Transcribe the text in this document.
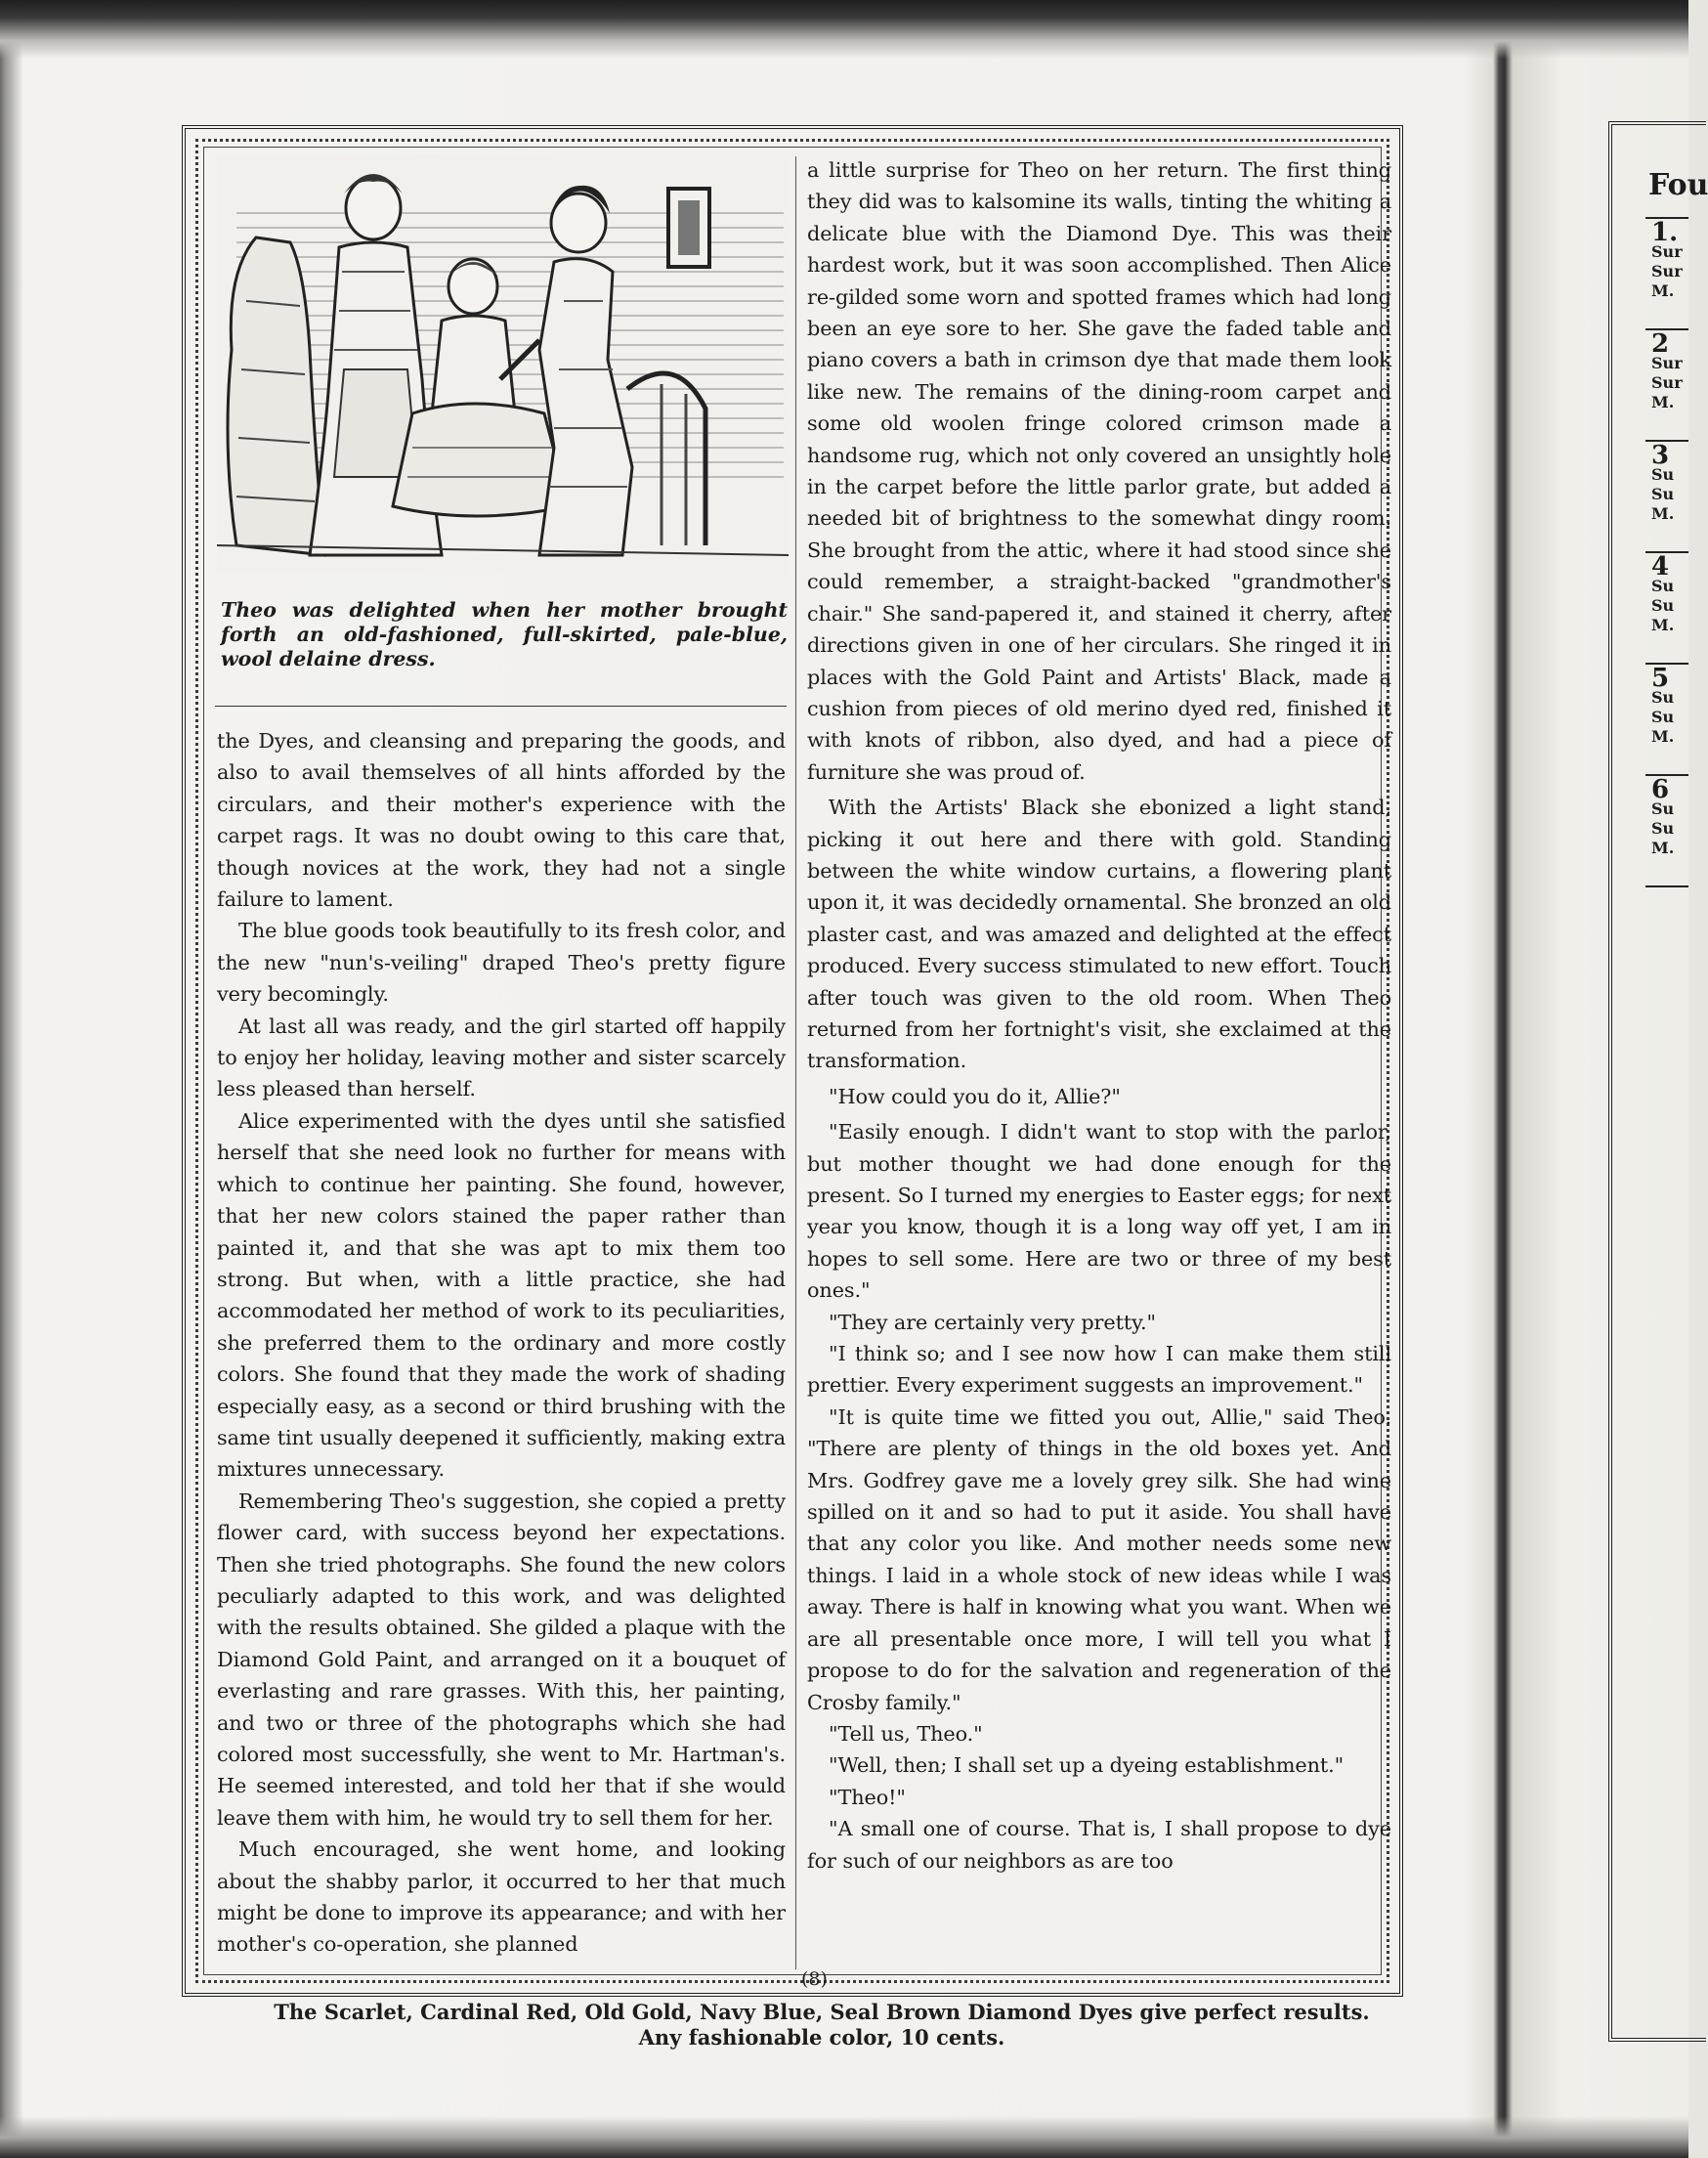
Theo was delighted when her mother brought forth an old-fashioned, full-skirted, pale-blue, wool delaine dress.

the Dyes, and cleansing and preparing the goods, and also to avail themselves of all hints afforded by the circulars, and their mother's experience with the carpet rags. It was no doubt owing to this care that, though novices at the work, they had not a single failure to lament.

The blue goods took beautifully to its fresh color, and the new "nun's-veiling" draped Theo's pretty figure very becomingly.

At last all was ready, and the girl started off happily to enjoy her holiday, leaving mother and sister scarcely less pleased than herself.

Alice experimented with the dyes until she satisfied herself that she need look no further for means with which to continue her painting. She found, however, that her new colors stained the paper rather than painted it, and that she was apt to mix them too strong. But when, with a little practice, she had accommodated her method of work to its peculiarities, she preferred them to the ordinary and more costly colors. She found that they made the work of shading especially easy, as a second or third brushing with the same tint usually deepened it sufficiently, making extra mixtures unnecessary.

Remembering Theo's suggestion, she copied a pretty flower card, with success beyond her expectations. Then she tried photographs. She found the new colors peculiarly adapted to this work, and was delighted with the results obtained. She gilded a plaque with the Diamond Gold Paint, and arranged on it a bouquet of everlasting and rare grasses. With this, her painting, and two or three of the photographs which she had colored most successfully, she went to Mr. Hartman's. He seemed interested, and told her that if she would leave them with him, he would try to sell them for her.

Much encouraged, she went home, and looking about the shabby parlor, it occurred to her that much might be done to improve its appearance; and with her mother's co-operation, she planned

a little surprise for Theo on her return. The first thing they did was to kalsomine its walls, tinting the whiting a delicate blue with the Diamond Dye. This was their hardest work, but it was soon accomplished. Then Alice re-gilded some worn and spotted frames which had long been an eye sore to her. She gave the faded table and piano covers a bath in crimson dye that made them look like new. The remains of the dining-room carpet and some old woolen fringe colored crimson made a handsome rug, which not only covered an unsightly hole in the carpet before the little parlor grate, but added a needed bit of brightness to the somewhat dingy room. She brought from the attic, where it had stood since she could remember, a straight-backed "grandmother's chair." She sand-papered it, and stained it cherry, after directions given in one of her circulars. She ringed it in places with the Gold Paint and Artists' Black, made a cushion from pieces of old merino dyed red, finished it with knots of ribbon, also dyed, and had a piece of furniture she was proud of.

With the Artists' Black she ebonized a light stand, picking it out here and there with gold. Standing between the white window curtains, a flowering plant upon it, it was decidedly ornamental. She bronzed an old plaster cast, and was amazed and delighted at the effect produced. Every success stimulated to new effort. Touch after touch was given to the old room. When Theo returned from her fortnight's visit, she exclaimed at the transformation.

"How could you do it, Allie?"

"Easily enough. I didn't want to stop with the parlor, but mother thought we had done enough for the present. So I turned my energies to Easter eggs; for next year you know, though it is a long way off yet, I am in hopes to sell some. Here are two or three of my best ones."

"They are certainly very pretty."

"I think so; and I see now how I can make them still prettier. Every experiment suggests an improvement."

"It is quite time we fitted you out, Allie," said Theo. "There are plenty of things in the old boxes yet. And Mrs. Godfrey gave me a lovely grey silk. She had wine spilled on it and so had to put it aside. You shall have that any color you like. And mother needs some new things. I laid in a whole stock of new ideas while I was away. There is half in knowing what you want. When we are all presentable once more, I will tell you what I propose to do for the salvation and regeneration of the Crosby family."

"Tell us, Theo."

"Well, then; I shall set up a dyeing establishment."

"Theo!"

"A small one of course. That is, I shall propose to dye for such of our neighbors as are too

(8)
The Scarlet, Cardinal Red, Old Gold, Navy Blue, Seal Brown Diamond Dyes give perfect results.
Any fashionable color, 10 cents.
Fou
1.
Sur
Sur
M.
2
Sur
Sur
M.
3
Su
Su
M.
4
Su
Su
M.
5
Su
Su
M.
6
Su
Su
M.
